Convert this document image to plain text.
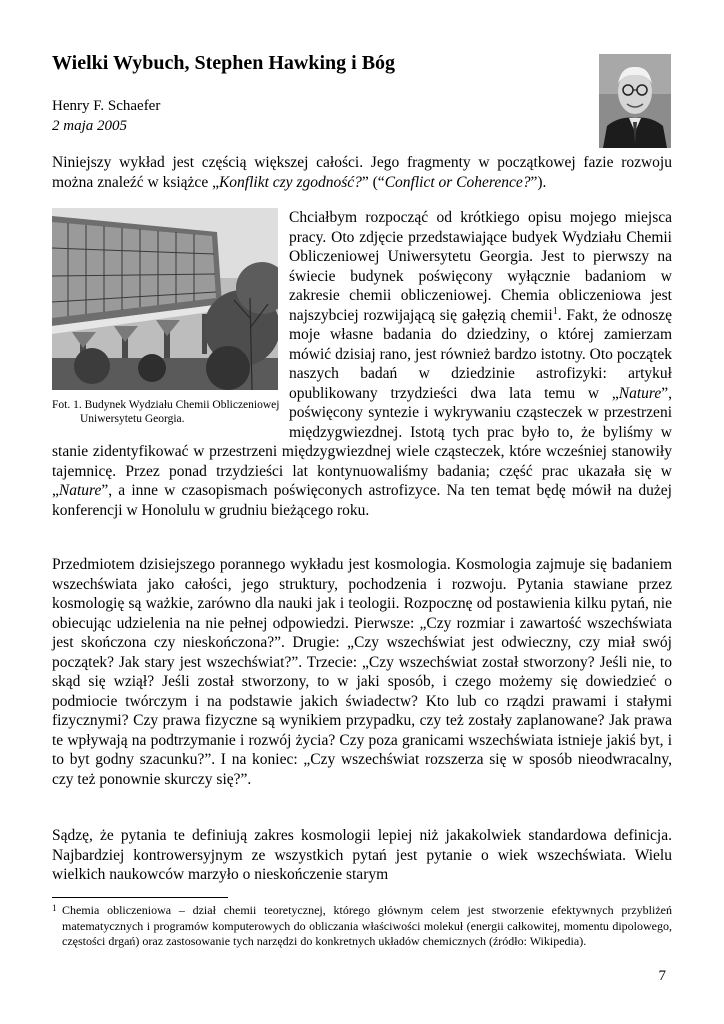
Wielki Wybuch, Stephen Hawking i Bóg
Henry F. Schaefer
2 maja 2005

Niniejszy wykład jest częścią większej całości. Jego fragmenty w początkowej fazie rozwoju można znaleźć w książce „Konflikt czy zgodność?” (“Conflict or Coherence?”).

Fot. 1. Budynek Wydziału Chemii Obliczeniowej Uniwersytetu Georgia.
Chciałbym rozpocząć od krótkiego opisu mojego miejsca pracy. Oto zdjęcie przedstawiające budyek Wydziału Chemii Obliczeniowej Uniwersytetu Georgia. Jest to pierwszy na świecie budynek poświęcony wyłącznie badaniom w zakresie chemii obliczeniowej. Chemia obliczeniowa jest najszybciej rozwijającą się gałęzią chemii$^1$. Fakt, że odnoszę moje własne badania do dziedziny, o której zamierzam mówić dzisiaj rano, jest również bardzo istotny. Oto początek naszych badań w dziedzinie astrofizyki: artykuł opublikowany trzydzieści dwa lata temu w „Nature”, poświęcony syntezie i wykrywaniu cząsteczek w przestrzeni międzygwiezdnej. Istotą tych prac było to, że byliśmy w stanie zidentyfikować w przestrzeni międzygwiezdnej wiele cząsteczek, które wcześniej stanowiły tajemnicę. Przez ponad trzydzieści lat kontynuowaliśmy badania; część prac ukazała się w „Nature”, a inne w czasopismach poświęconych astrofizyce. Na ten temat będę mówił na dużej konferencji w Honolulu w grudniu bieżącego roku.

Przedmiotem dzisiejszego porannego wykładu jest kosmologia. Kosmologia zajmuje się badaniem wszechświata jako całości, jego struktury, pochodzenia i rozwoju. Pytania stawiane przez kosmologię są ważkie, zarówno dla nauki jak i teologii. Rozpocznę od postawienia kilku pytań, nie obiecując udzielenia na nie pełnej odpowiedzi. Pierwsze: „Czy rozmiar i zawartość wszechświata jest skończona czy nieskończona?”. Drugie: „Czy wszechświat jest odwieczny, czy miał swój początek? Jak stary jest wszechświat?”. Trzecie: „Czy wszechświat został stworzony? Jeśli nie, to skąd się wziął? Jeśli został stworzony, to w jaki sposób, i czego możemy się dowiedzieć o podmiocie twórczym i na podstawie jakich świadectw? Kto lub co rządzi prawami i stałymi fizycznymi? Czy prawa fizyczne są wynikiem przypadku, czy też zostały zaplanowane? Jak prawa te wpływają na podtrzymanie i rozwój życia? Czy poza granicami wszechświata istnieje jakiś byt, i to byt godny szacunku?”. I na koniec: „Czy wszechświat rozszerza się w sposób nieodwracalny, czy też ponownie skurczy się?”.

Sądzę, że pytania te definiują zakres kosmologii lepiej niż jakakolwiek standardowa definicja. Najbardziej kontrowersyjnym ze wszystkich pytań jest pytanie o wiek wszechświata. Wielu wielkich naukowców marzyło o nieskończenie starym

1 Chemia obliczeniowa – dział chemii teoretycznej, którego głównym celem jest stworzenie efektywnych przybliżeń matematycznych i programów komputerowych do obliczania właściwości molekuł (energii całkowitej, momentu dipolowego, częstości drgań) oraz zastosowanie tych narzędzi do konkretnych układów chemicznych (źródło: Wikipedia).
7
